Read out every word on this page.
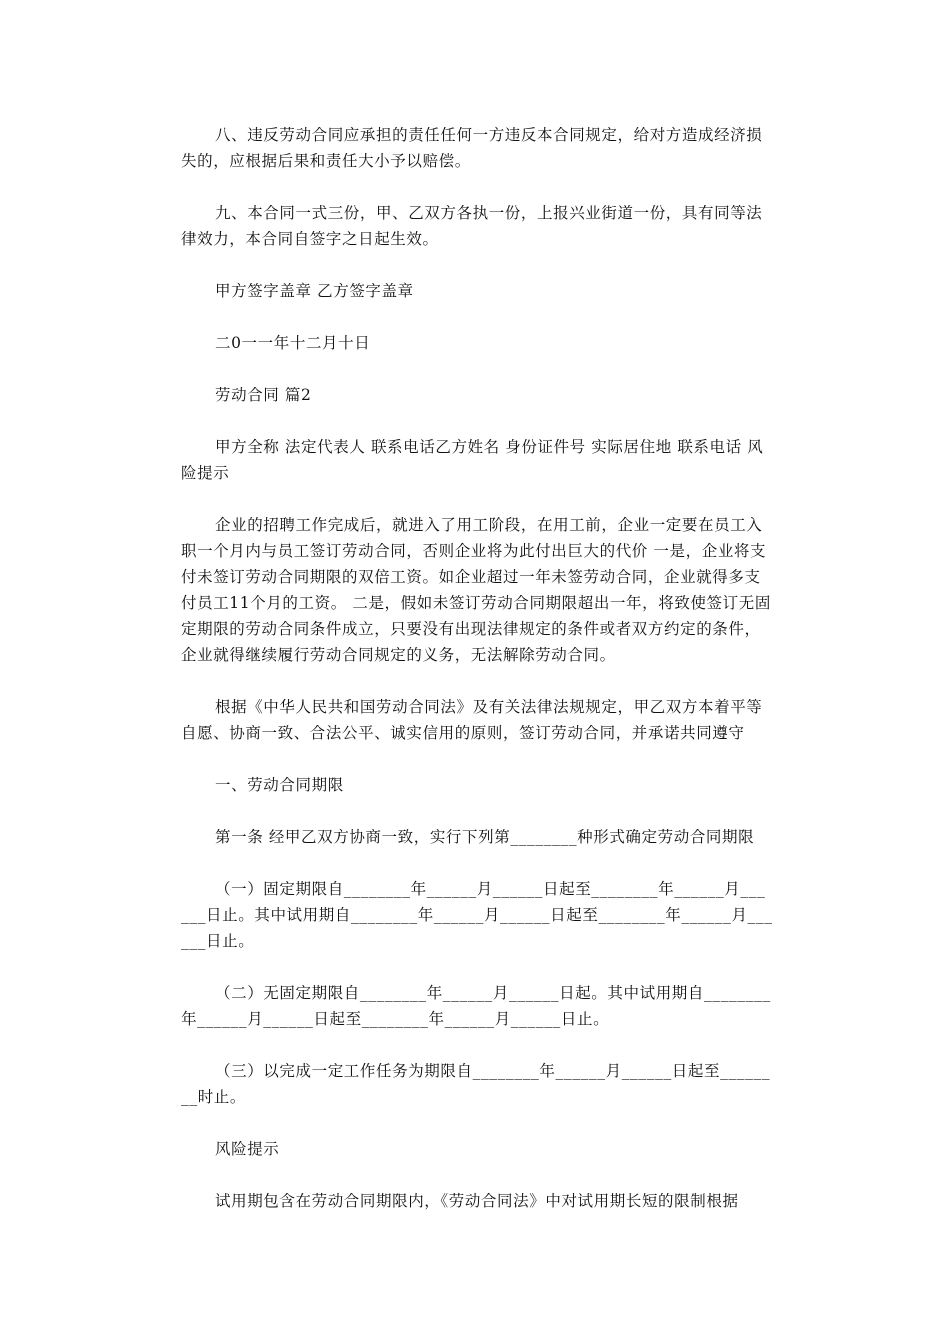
八、违反劳动合同应承担的责任任何一方违反本合同规定，给对方造成经济损失的，应根据后果和责任大小予以赔偿。

九、本合同一式三份，甲、乙双方各执一份，上报兴业街道一份，具有同等法律效力，本合同自签字之日起生效。

甲方签字盖章 乙方签字盖章

二0一一年十二月十日

劳动合同 篇2

甲方全称 法定代表人 联系电话乙方姓名 身份证件号 实际居住地 联系电话 风险提示

企业的招聘工作完成后，就进入了用工阶段，在用工前，企业一定要在员工入职一个月内与员工签订劳动合同，否则企业将为此付出巨大的代价 一是，企业将支付未签订劳动合同期限的双倍工资。如企业超过一年未签劳动合同，企业就得多支付员工11个月的工资。 二是，假如未签订劳动合同期限超出一年，将致使签订无固定期限的劳动合同条件成立，只要没有出现法律规定的条件或者双方约定的条件，企业就得继续履行劳动合同规定的义务，无法解除劳动合同。

根据《中华人民共和国劳动合同法》及有关法律法规规定，甲乙双方本着平等自愿、协商一致、合法公平、诚实信用的原则，签订劳动合同，并承诺共同遵守

一、劳动合同期限

第一条 经甲乙双方协商一致，实行下列第________种形式确定劳动合同期限

（一）固定期限自________年______月______日起至________年______月______日止。其中试用期自________年______月______日起至________年______月______日止。

（二）无固定期限自________年______月______日起。其中试用期自________年______月______日起至________年______月______日止。

（三）以完成一定工作任务为期限自________年______月______日起至________时止。

风险提示

试用期包含在劳动合同期限内，《劳动合同法》中对试用期长短的限制根据
